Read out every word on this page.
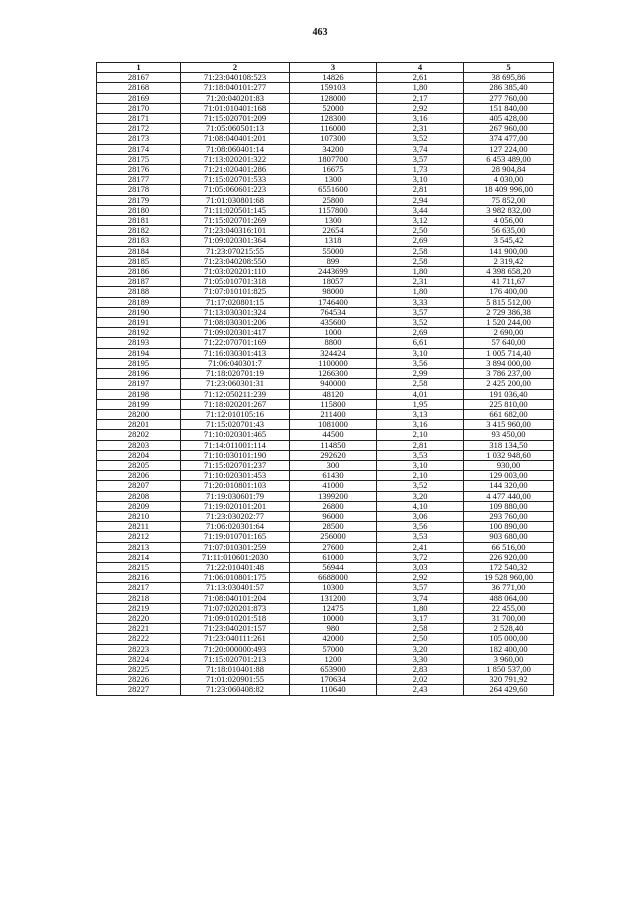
463
1	2	3	4	5
28167	71:23:040108:523	14826	2,61	38 695,86
28168	71:18:040101:277	159103	1,80	286 385,40
28169	71:20:040201:83	128000	2,17	277 760,00
28170	71:01:010401:168	52000	2,92	151 840,00
28171	71:15:020701:209	128300	3,16	405 428,00
28172	71:05:060501:13	116000	2,31	267 960,00
28173	71:08:040401:201	107300	3,52	374 477,00
28174	71:08:060401:14	34200	3,74	127 224,00
28175	71:13:020201:322	1807700	3,57	6 453 489,00
28176	71:21:020401:286	16675	1,73	28 904,84
28177	71:15:020701:533	1300	3,10	4 030,00
28178	71:05:060601:223	6551600	2,81	18 409 996,00
28179	71:01:030801:68	25800	2,94	75 852,00
28180	71:11:020501:145	1157800	3,44	3 982 832,00
28181	71:15:020701:269	1300	3,12	4 056,00
28182	71:23:040316:101	22654	2,50	56 635,00
28183	71:09:020301:364	1318	2,69	3 545,42
28184	71:23:070215:55	55000	2,58	141 900,00
28185	71:23:040208:550	899	2,58	2 319,42
28186	71:03:020201:110	2443699	1,80	4 398 658,20
28187	71:05:010701:318	18057	2,31	41 711,67
28188	71:07:010101:825	98000	1,80	176 400,00
28189	71:17:020801:15	1746400	3,33	5 815 512,00
28190	71:13:030301:324	764534	3,57	2 729 386,38
28191	71:08:030301:206	435600	3,52	1 520 244,00
28192	71:09:020301:417	1000	2,69	2 690,00
28193	71:22:070701:169	8800	6,61	57 640,00
28194	71:16:030301:413	324424	3,10	1 005 714,40
28195	71:06:040301:7	1100000	3,56	3 894 000,00
28196	71:18:020701:19	1266300	2,99	3 786 237,00
28197	71:23:060301:31	940000	2,58	2 425 200,00
28198	71:12:050211:239	48120	4,01	191 036,40
28199	71:18:020201:267	115800	1,95	225 810,00
28200	71:12:010105:16	211400	3,13	661 682,00
28201	71:15:020701:43	1081000	3,16	3 415 960,00
28202	71:10:020301:465	44500	2,10	93 450,00
28203	71:14:011001:114	114850	2,81	318 134,50
28204	71:10:030101:190	292620	3,53	1 032 948,60
28205	71:15:020701:237	300	3,10	930,00
28206	71:10:020301:453	61430	2,10	129 003,00
28207	71:20:010801:103	41000	3,52	144 320,00
28208	71:19:030601:79	1399200	3,20	4 477 440,00
28209	71:19:020101:201	26800	4,10	109 880,00
28210	71:23:030202:77	96000	3,06	293 760,00
28211	71:06:020301:64	28500	3,56	100 890,00
28212	71:19:010701:165	256000	3,53	903 680,00
28213	71:07:010301:259	27600	2,41	66 516,00
28214	71:11:010601:2030	61000	3,72	226 920,00
28215	71:22:010401:48	56944	3,03	172 540,32
28216	71:06:010801:175	6688000	2,92	19 528 960,00
28217	71:13:030401:57	10300	3,57	36 771,00
28218	71:08:040101:204	131200	3,74	488 064,00
28219	71:07:020201:873	12475	1,80	22 455,00
28220	71:09:010201:518	10000	3,17	31 700,00
28221	71:23:040201:157	980	2,58	2 528,40
28222	71:23:040111:261	42000	2,50	105 000,00
28223	71:20:000000:493	57000	3,20	182 400,00
28224	71:15:020701:213	1200	3,30	3 960,00
28225	71:18:010401:88	653900	2,83	1 850 537,00
28226	71:01:020901:55	170634	2,02	320 791,92
28227	71:23:060408:82	110640	2,43	264 429,60
